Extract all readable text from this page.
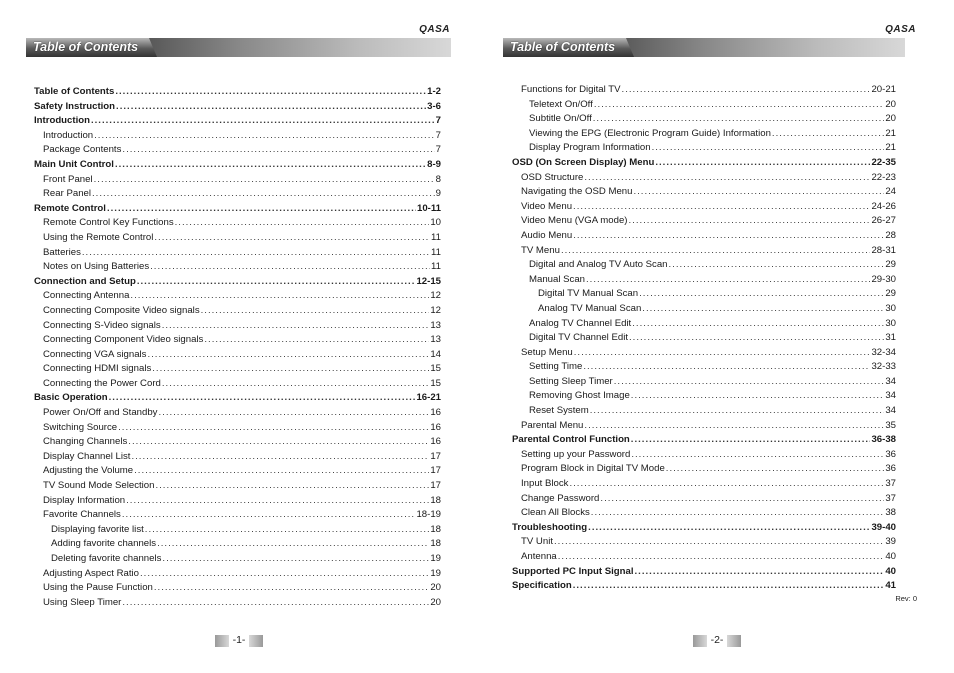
QASA
Table of Contents
Table of Contents .....	1-2
Safety Instruction .....	3-6
Introduction .....	7
Introduction .....	7
Package Contents .....	7
Main Unit Control .....	8-9
Front Panel .....	8
Rear Panel .....	9
Remote Control .....	10-11
Remote Control Key Functions .....	10
Using the Remote Control .....	11
Batteries .....	11
Notes on Using Batteries .....	11
Connection and Setup .....	12-15
Connecting Antenna .....	12
Connecting Composite Video signals .....	12
Connecting S-Video signals .....	13
Connecting Component Video signals .....	13
Connecting VGA signals .....	14
Connecting HDMI signals .....	15
Connecting the Power Cord .....	15
Basic Operation .....	16-21
Power On/Off and Standby .....	16
Switching Source .....	16
Changing Channels .....	16
Display Channel List .....	17
Adjusting the Volume .....	17
TV Sound Mode Selection .....	17
Display Information .....	18
Favorite Channels .....	18-19
Displaying favorite list .....	18
Adding favorite channels .....	18
Deleting favorite channels .....	19
Adjusting Aspect Ratio .....	19
Using the Pause Function .....	20
Using Sleep Timer .....	20
-1-
QASA
Table of Contents
Functions for Digital TV .....	20-21
Teletext On/Off .....	20
Subtitle On/Off .....	20
Viewing the EPG (Electronic Program Guide) Information .....	21
Display Program Information .....	21
OSD (On Screen Display) Menu .....	22-35
OSD Structure .....	22-23
Navigating the OSD Menu .....	24
Video Menu .....	24-26
Video Menu (VGA mode) .....	26-27
Audio Menu .....	28
TV Menu .....	28-31
Digital and Analog TV Auto Scan .....	29
Manual Scan .....	29-30
Digital TV Manual Scan .....	29
Analog TV Manual Scan .....	30
Analog TV Channel Edit .....	30
Digital TV Channel Edit .....	31
Setup Menu .....	32-34
Setting Time .....	32-33
Setting Sleep Timer .....	34
Removing Ghost Image .....	34
Reset System .....	34
Parental Menu .....	35
Parental Control Function .....	36-38
Setting up your Password .....	36
Program Block in Digital TV Mode .....	36
Input Block .....	37
Change Password .....	37
Clean All Blocks .....	38
Troubleshooting .....	39-40
TV Unit .....	39
Antenna .....	40
Supported PC Input Signal .....	40
Specification .....	41
Rev: 0
-2-
